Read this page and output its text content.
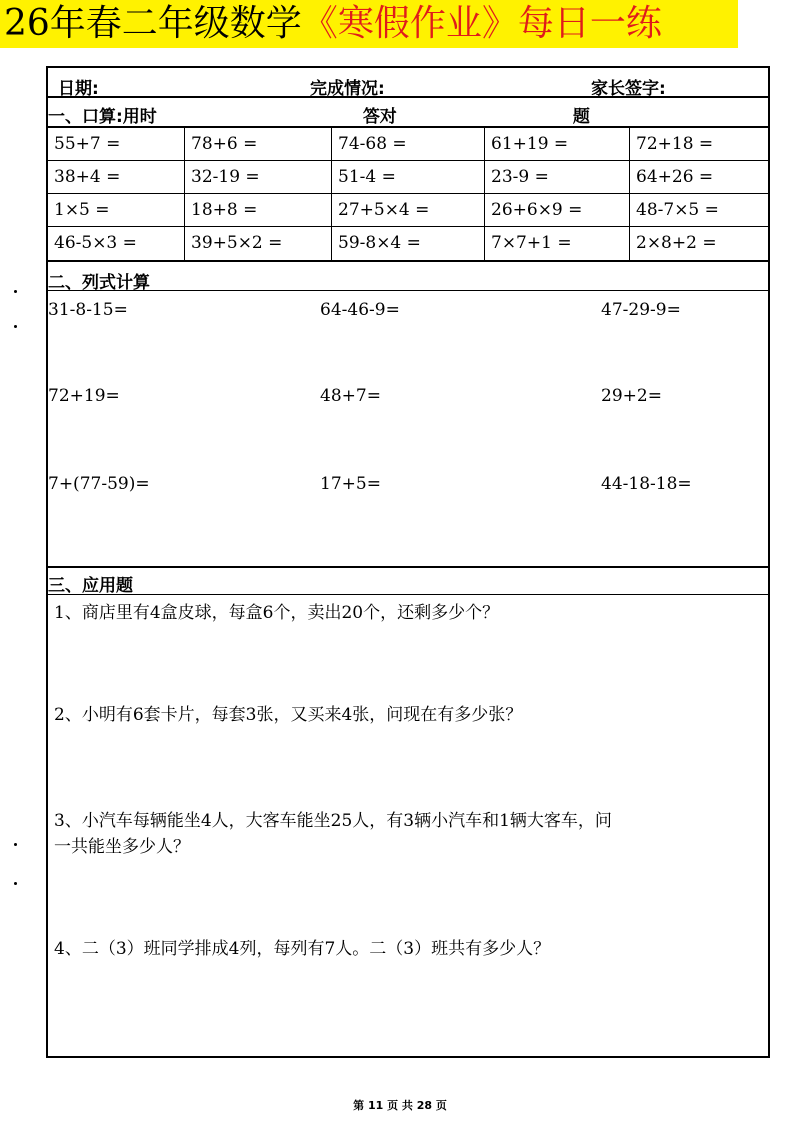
26年春二年级数学《寒假作业》每日一练
日期:	完成情况:	家长签字:
一、口算:用时	答对	题
55+7 =	78+6 =	74-68 =	61+19 =	72+18 =
38+4 =	32-19 =	51-4 =	23-9 =	64+26 =
1×5 =	18+8 =	27+5×4 =	26+6×9 =	48-7×5 =
46-5×3 =	39+5×2 =	59-8×4 =	7×7+1 =	2×8+2 =
二、列式计算
31-8-15=	64-46-9=	47-29-9=
72+19=	48+7=	29+2=
7+(77-59)=	17+5=	44-18-18=
三、应用题
1、商店里有4盒皮球，每盒6个，卖出20个，还剩多少个？
2、小明有6套卡片，每套3张，又买来4张，问现在有多少张？
3、小汽车每辆能坐4人，大客车能坐25人，有3辆小汽车和1辆大客车，问
一共能坐多少人？
4、二（3）班同学排成4列，每列有7人。二（3）班共有多少人？
第 11 页 共 28 页
